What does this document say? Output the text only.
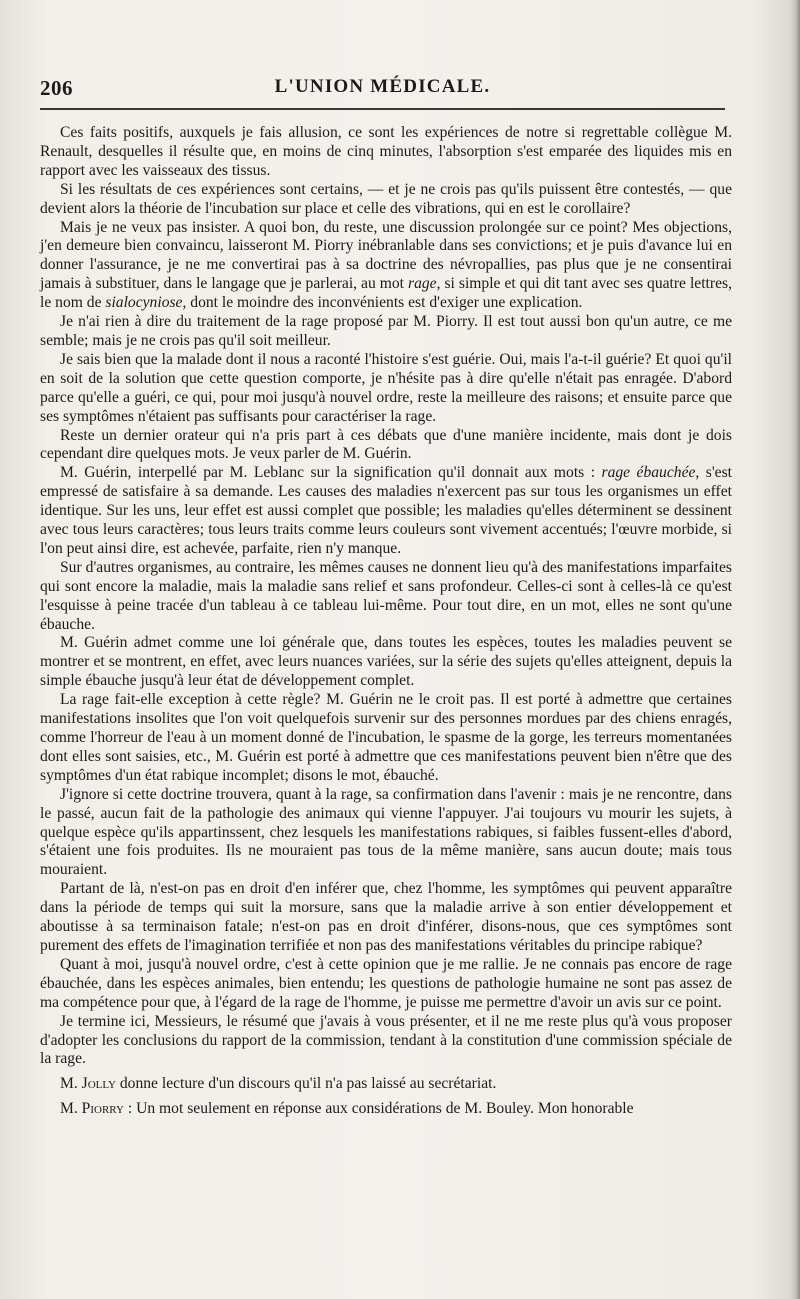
206	L'UNION MÉDICALE.

Ces faits positifs, auxquels je fais allusion, ce sont les expériences de notre si regrettable collègue M. Renault, desquelles il résulte que, en moins de cinq minutes, l'absorption s'est emparée des liquides mis en rapport avec les vaisseaux des tissus.

Si les résultats de ces expériences sont certains, — et je ne crois pas qu'ils puissent être contestés, — que devient alors la théorie de l'incubation sur place et celle des vibrations, qui en est le corollaire?

Mais je ne veux pas insister. A quoi bon, du reste, une discussion prolongée sur ce point? Mes objections, j'en demeure bien convaincu, laisseront M. Piorry inébranlable dans ses convictions; et je puis d'avance lui en donner l'assurance, je ne me convertirai pas à sa doctrine des névropallies, pas plus que je ne consentirai jamais à substituer, dans le langage que je parlerai, au mot rage, si simple et qui dit tant avec ses quatre lettres, le nom de sialocyniose, dont le moindre des inconvénients est d'exiger une explication.

Je n'ai rien à dire du traitement de la rage proposé par M. Piorry. Il est tout aussi bon qu'un autre, ce me semble; mais je ne crois pas qu'il soit meilleur.

Je sais bien que la malade dont il nous a raconté l'histoire s'est guérie. Oui, mais l'a-t-il guérie? Et quoi qu'il en soit de la solution que cette question comporte, je n'hésite pas à dire qu'elle n'était pas enragée. D'abord parce qu'elle a guéri, ce qui, pour moi jusqu'à nouvel ordre, reste la meilleure des raisons; et ensuite parce que ses symptômes n'étaient pas suffisants pour caractériser la rage.

Reste un dernier orateur qui n'a pris part à ces débats que d'une manière incidente, mais dont je dois cependant dire quelques mots. Je veux parler de M. Guérin.

M. Guérin, interpellé par M. Leblanc sur la signification qu'il donnait aux mots : rage ébauchée, s'est empressé de satisfaire à sa demande. Les causes des maladies n'exercent pas sur tous les organismes un effet identique. Sur les uns, leur effet est aussi complet que possible; les maladies qu'elles déterminent se dessinent avec tous leurs caractères; tous leurs traits comme leurs couleurs sont vivement accentués; l'œuvre morbide, si l'on peut ainsi dire, est achevée, parfaite, rien n'y manque.

Sur d'autres organismes, au contraire, les mêmes causes ne donnent lieu qu'à des manifestations imparfaites qui sont encore la maladie, mais la maladie sans relief et sans profondeur. Celles-ci sont à celles-là ce qu'est l'esquisse à peine tracée d'un tableau à ce tableau lui-même. Pour tout dire, en un mot, elles ne sont qu'une ébauche.

M. Guérin admet comme une loi générale que, dans toutes les espèces, toutes les maladies peuvent se montrer et se montrent, en effet, avec leurs nuances variées, sur la série des sujets qu'elles atteignent, depuis la simple ébauche jusqu'à leur état de développement complet.

La rage fait-elle exception à cette règle? M. Guérin ne le croit pas. Il est porté à admettre que certaines manifestations insolites que l'on voit quelquefois survenir sur des personnes mordues par des chiens enragés, comme l'horreur de l'eau à un moment donné de l'incubation, le spasme de la gorge, les terreurs momentanées dont elles sont saisies, etc., M. Guérin est porté à admettre que ces manifestations peuvent bien n'être que des symptômes d'un état rabique incomplet; disons le mot, ébauché.

J'ignore si cette doctrine trouvera, quant à la rage, sa confirmation dans l'avenir : mais je ne rencontre, dans le passé, aucun fait de la pathologie des animaux qui vienne l'appuyer. J'ai toujours vu mourir les sujets, à quelque espèce qu'ils appartinssent, chez lesquels les manifestations rabiques, si faibles fussent-elles d'abord, s'étaient une fois produites. Ils ne mouraient pas tous de la même manière, sans aucun doute; mais tous mouraient.

Partant de là, n'est-on pas en droit d'en inférer que, chez l'homme, les symptômes qui peuvent apparaître dans la période de temps qui suit la morsure, sans que la maladie arrive à son entier développement et aboutisse à sa terminaison fatale; n'est-on pas en droit d'inférer, disons-nous, que ces symptômes sont purement des effets de l'imagination terrifiée et non pas des manifestations véritables du principe rabique?

Quant à moi, jusqu'à nouvel ordre, c'est à cette opinion que je me rallie. Je ne connais pas encore de rage ébauchée, dans les espèces animales, bien entendu; les questions de pathologie humaine ne sont pas assez de ma compétence pour que, à l'égard de la rage de l'homme, je puisse me permettre d'avoir un avis sur ce point.

Je termine ici, Messieurs, le résumé que j'avais à vous présenter, et il ne me reste plus qu'à vous proposer d'adopter les conclusions du rapport de la commission, tendant à la constitution d'une commission spéciale de la rage.

M. Jolly donne lecture d'un discours qu'il n'a pas laissé au secrétariat.

M. Piorry : Un mot seulement en réponse aux considérations de M. Bouley. Mon honorable
